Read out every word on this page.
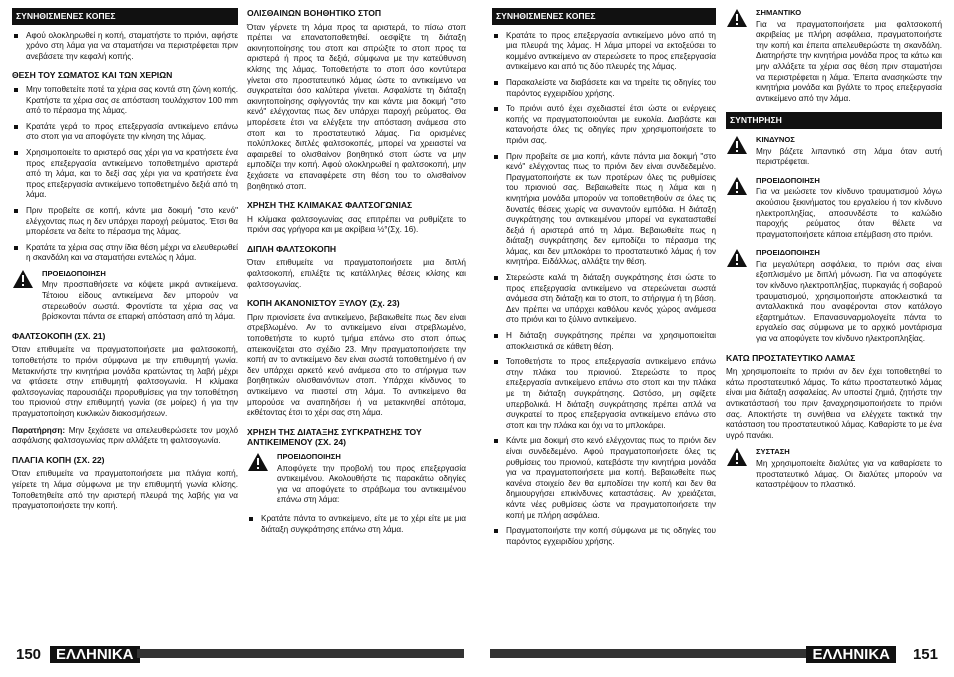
ΣΥΝΗΘΙΣΜΕΝΕΣ ΚΟΠΕΣ
Αφού ολοκληρωθεί η κοπή, σταματήστε το πριόνι, αφήστε χρόνο στη λάμα για να σταματήσει να περιστρέφεται πριν ανεβάσετε την κεφαλή κοπής.
ΘΕΣΗ ΤΟΥ ΣΩΜΑΤΟΣ ΚΑΙ ΤΩΝ ΧΕΡΙΩΝ
Μην τοποθετείτε ποτέ τα χέρια σας κοντά στη ζώνη κοπής. Κρατήστε τα χέρια σας σε απόσταση τουλάχιστον 100 mm από το πέρασμα της λάμας.
Κρατάτε γερά το προς επεξεργασία αντικείμενο επάνω στο στοπ για να αποφύγετε την κίνηση της λάμας.
Χρησιμοποιείτε το αριστερό σας χέρι για να κρατήσετε ένα προς επεξεργασία αντικείμενο τοποθετημένο αριστερά από τη λάμα, και το δεξί σας χέρι για να κρατήσετε ένα προς επεξεργασία αντικείμενο τοποθετημένο δεξιά από τη λάμα.
Πριν προβείτε σε κοπή, κάντε μια δοκιμή "στο κενό" ελέγχοντας πως η δεν υπάρχει παροχή ρεύματος. Έτσι θα μπορέσετε να δείτε το πέρασμα της λάμας.
Κρατάτε τα χέρια σας στην ίδια θέση μέχρι να ελευθερωθεί η σκανδάλη και να σταματήσει εντελώς η λάμα.
ΠΡΟΕΙΔΟΠΟΙΗΣΗ
Μην προσπαθήσετε να κόψετε μικρά αντικείμενα. Τέτοιου είδους αντικείμενα δεν μπορούν να στερεωθούν σωστά. Φροντίστε τα χέρια σας να βρίσκονται πάντα σε επαρκή απόσταση από τη λάμα.
ΦΑΛΤΣΟΚΟΠΗ (ΣΧ. 21)

Όταν επιθυμείτε να πραγματοποιήσετε μια φαλτσοκοπή, τοποθετήστε το πριόνι σύμφωνα με την επιθυμητή γωνία. Μετακινήστε την κινητήρια μονάδα κρατώντας τη λαβή μέχρι να φτάσετε στην επιθυμητή φαλτσογωνία. Η κλίμακα φαλτσογωνίας παρουσιάζει προρυθμίσεις για την τοποθέτηση του πριονιού στην επιθυμητή γωνία (σε μοίρες) ή για την πραγματοποίηση κυκλικών διακοσμήσεων.

Παρατήρηση: Μην ξεχάσετε να απελευθερώσετε τον μοχλό ασφάλισης φαλτσογωνίας πριν αλλάξετε τη φαλτσογωνία.

ΠΛΑΓΙΑ ΚΟΠΗ (ΣΧ. 22)

Όταν επιθυμείτε να πραγματοποιήσετε μια πλάγια κοπή, γείρετε τη λάμα σύμφωνα με την επιθυμητή γωνία κλίσης. Τοποθετηθείτε από την αριστερή πλευρά της λαβής για να πραγματοποιήσετε την κοπή.

ΟΛΙΣΘΑΙΝΩΝ ΒΟΗΘΗΤΙΚΟ ΣΤΟΠ

Όταν γέρνετε τη λάμα προς τα αριστερά, το πίσω στοπ πρέπει να επανατοποθετηθεί. οεσφίξτε τη διάταξη ακινητοποίησης του στοπ και σπρώξτε το στοπ προς τα αριστερά ή προς τα δεξιά, σύμφωνα με την κατεύθυνση κλίσης της λάμας. Τοποθετήστε το στοπ όσο κοντύτερα γίνεται στο προστατευτικό λάμας ώστε το αντικείμενο να συγκρατείται όσο καλύτερα γίνεται. Ασφαλίστε τη διάταξη ακινητοποίησης σφίγγοντάς την και κάντε μια δοκιμή "στο κενό" ελέγχοντας πως δεν υπάρχει παροχή ρεύματος. Θα μπορέσετε έτσι να ελέγξετε την απόσταση ανάμεσα στο στοπ και το προστατευτικό λάμας. Για ορισμένες πολύπλοκες διπλές φαλτσοκοπές, μπορεί να χρειαστεί να αφαιρεθεί το ολισθαίνον βοηθητικό στοπ ώστε να μην εμποδίζει την κοπή. Αφού ολοκληρωθεί η φαλτσοκοπή, μην ξεχάσετε να επαναφέρετε στη θέση του το ολισθαίνον βοηθητικό στοπ.

ΧΡΗΣΗ ΤΗΣ ΚΛΙΜΑΚΑΣ ΦΑΛΤΣΟΓΩΝΙΑΣ

Η κλίμακα φαλτσογωνίας σας επιτρέπει να ρυθμίζετε το πριόνι σας γρήγορα και με ακρίβεια ½°(Σχ. 16).

ΔΙΠΛΗ ΦΑΛΤΣΟΚΟΠΗ

Όταν επιθυμείτε να πραγματοποιήσετε μια διπλή φαλτσοκοπή, επιλέξτε τις κατάλληλες θέσεις κλίσης και φαλτσογωνίας.

ΚΟΠΗ ΑΚΑΝΟΝΙΣΤΟΥ ΞΥΛΟΥ (Σχ. 23)

Πριν πριονίσετε ένα αντικείμενο, βεβαιωθείτε πως δεν είναι στρεβλωμένο. Αν το αντικείμενο είναι στρεβλωμένο, τοποθετήστε το κυρτό τμήμα επάνω στο στοπ όπως απεικονίζεται στο σχέδιο 23. Μην πραγματοποιήσετε την κοπή αν το αντικείμενο δεν είναι σωστά τοποθετημένο ή αν δεν υπάρχει αρκετό κενό ανάμεσα στο το στήριγμα των βοηθητικών ολισθαινόντων στοπ. Υπάρχει κίνδυνος το αντικείμενο να πιαστεί στη λάμα. Το αντικείμενο θα μπορούσε να αναπηδήσει ή να μετακινηθεί απότομα, εκθέτοντας έτσι το χέρι σας στη λάμα.

ΧΡΗΣΗ ΤΗΣ ΔΙΑΤΑΞΗΣ ΣΥΓΚΡΑΤΗΣΗΣ ΤΟΥ ΑΝΤΙΚΕΙΜΕΝΟΥ (ΣΧ. 24)
ΠΡΟΕΙΔΟΠΟΙΗΣΗ
Αποφύγετε την προβολή του προς επεξεργασία αντικειμένου. Ακολουθήστε τις παρακάτω οδηγίες για να αποφύγετε το στράβωμα του αντικειμένου επάνω στη λάμα:
Κρατάτε πάντα το αντικείμενο, είτε με το χέρι είτε με μια διάταξη συγκράτησης επάνω στη λάμα.
ΣΥΝΗΘΙΣΜΕΝΕΣ ΚΟΠΕΣ
Κρατάτε το προς επεξεργασία αντικείμενο μόνο από τη μια πλευρά της λάμας. Η λάμα μπορεί να εκτοξεύσει το κομμένο αντικείμενο αν στερεώσετε το προς επεξεργασία αντικείμενο και από τις δύο πλευρές της λάμας.
Παρακαλείστε να διαβάσετε και να τηρείτε τις οδηγίες του παρόντος εγχειριδίου χρήσης.
Το πριόνι αυτό έχει σχεδιαστεί έτσι ώστε οι ενέργειες κοπής να πραγματοποιούνται με ευκολία. Διαβάστε και κατανοήστε όλες τις οδηγίες πριν χρησιμοποιήσετε το πριόνι σας.
Πριν προβείτε σε μια κοπή, κάντε πάντα μια δοκιμή "στο κενό" ελέγχοντας πως το πριόνι δεν είναι συνδεδεμένο. Πραγματοποιήστε εκ των προτέρων όλες τις ρυθμίσεις του πριονιού σας. Βεβαιωθείτε πως η λάμα και η κινητήρια μονάδα μπορούν να τοποθετηθούν σε όλες τις δυνατές θέσεις χωρίς να συναντούν εμπόδια. Η διάταξη συγκράτησης του αντικειμένου μπορεί να εγκατασταθεί δεξιά ή αριστερά από τη λάμα. Βεβαιωθείτε πως η διάταξη συγκράτησης δεν εμποδίζει το πέρασμα της λάμας, και δεν μπλοκάρει το προστατευτικό λάμας ή τον κινητήρα. Ειδάλλως, αλλάξτε την θέση.
Στερεώστε καλά τη διάταξη συγκράτησης έτσι ώστε το προς επεξεργασία αντικείμενο να στερεώνεται σωστά ανάμεσα στη διάταξη και το στοπ, το στήριγμα ή τη βάση. Δεν πρέπει να υπάρχει καθόλου κενός χώρος ανάμεσα στο πριόνι και το ξύλινο αντικείμενο.
Η διάταξη συγκράτησης πρέπει να χρησιμοποιείται αποκλειστικά σε κάθετη θέση.
Τοποθετήστε το προς επεξεργασία αντικείμενο επάνω στην πλάκα του πριονιού. Στερεώστε το προς επεξεργασία αντικείμενο επάνω στο στοπ και την πλάκα με τη διάταξη συγκράτησης. Ωστόσο, μη σφίξετε υπερβολικά. Η διάταξη συγκράτησης πρέπει απλά να συγκρατεί το προς επεξεργασία αντικείμενο επάνω στο στοπ και την πλάκα και όχι να το μπλοκάρει.
Κάντε μια δοκιμή στο κενό ελέγχοντας πως το πριόνι δεν είναι συνδεδεμένο. Αφού πραγματοποιήσετε όλες τις ρυθμίσεις του πριονιού, κατεβάστε την κινητήρια μονάδα για να πραγματοποιήσετε μια κοπή. Βεβαιωθείτε πως κανένα στοιχείο δεν θα εμποδίσει την κοπή και δεν θα δημιουργήσει επικίνδυνες καταστάσεις. Αν χρειάζεται, κάντε νέες ρυθμίσεις ώστε να πραγματοποιήσετε την κοπή με πλήρη ασφάλεια.
Πραγματοποιήστε την κοπή σύμφωνα με τις οδηγίες του παρόντος εγχειριδίου χρήσης.
ΣΗΜΑΝΤΙΚΟ
Για να πραγματοποιήσετε μια φαλτσοκοπή ακριβείας με πλήρη ασφάλεια, πραγματοποιήστε την κοπή και έπειτα απελευθερώστε τη σκανδάλη. Διατηρήστε την κινητήρια μονάδα προς τα κάτω και μην αλλάξετε τα χέρια σας θέση πριν σταματήσει να περιστρέφεται η λάμα. Έπειτα ανασηκώστε την κινητήρια μονάδα και βγάλτε το προς επεξεργασία αντικείμενο από την λάμα.
ΣΥΝΤΗΡΗΣΗ
ΚΙΝΔΥΝΟΣ
Μην βάζετε λιπαντικό στη λάμα όταν αυτή περιστρέφεται.
ΠΡΟΕΙΔΟΠΟΙΗΣΗ
Για να μειώσετε τον κίνδυνο τραυματισμού λόγω ακούσιου ξεκινήματος του εργαλείου ή τον κίνδυνο ηλεκτροπληξίας, αποσυνδέστε το καλώδιο παροχής ρεύματος όταν θέλετε να πραγματοποιήσετε κάποια επέμβαση στο πριόνι.
ΠΡΟΕΙΔΟΠΟΙΗΣΗ
Για μεγαλύτερη ασφάλεια, το πριόνι σας είναι εξοπλισμένο με διπλή μόνωση. Για να αποφύγετε τον κίνδυνο ηλεκτροπληξίας, πυρκαγιάς ή σοβαρού τραυματισμού, χρησιμοποιήστε αποκλειστικά τα ανταλλακτικά που αναφέρονται στον κατάλογο εξαρτημάτων. Επανασυναρμολογείτε πάντα το εργαλείο σας σύμφωνα με το αρχικό μοντάρισμα για να αποφύγετε τον κίνδυνο ηλεκτροπληξίας.
ΚΑΤΩ ΠΡΟΣΤΑΤΕΥΤΙΚΟ ΛΑΜΑΣ

Μη χρησιμοποιείτε το πριόνι αν δεν έχει τοποθετηθεί το κάτω προστατευτικό λάμας. Το κάτω προστατευτικό λάμας είναι μια διάταξη ασφαλείας. Αν υποστεί ζημιά, ζητήστε την αντικατάστασή του πριν ξαναχρησιμοποιήσετε το πριόνι σας. Αποκτήστε τη συνήθεια να ελέγχετε τακτικά την κατάσταση του προστατευτικού λάμας. Καθαρίστε το με ένα υγρό πανάκι.

ΣΥΣΤΑΣΗ
Μη χρησιμοποιείτε διαλύτες για να καθαρίσετε το προστατευτικό λάμας. Οι διαλύτες μπορούν να καταστρέψουν το πλαστικό.
150 ΕΛΛΗΝΙΚΑ	ΕΛΛΗΝΙΚΑ	151
